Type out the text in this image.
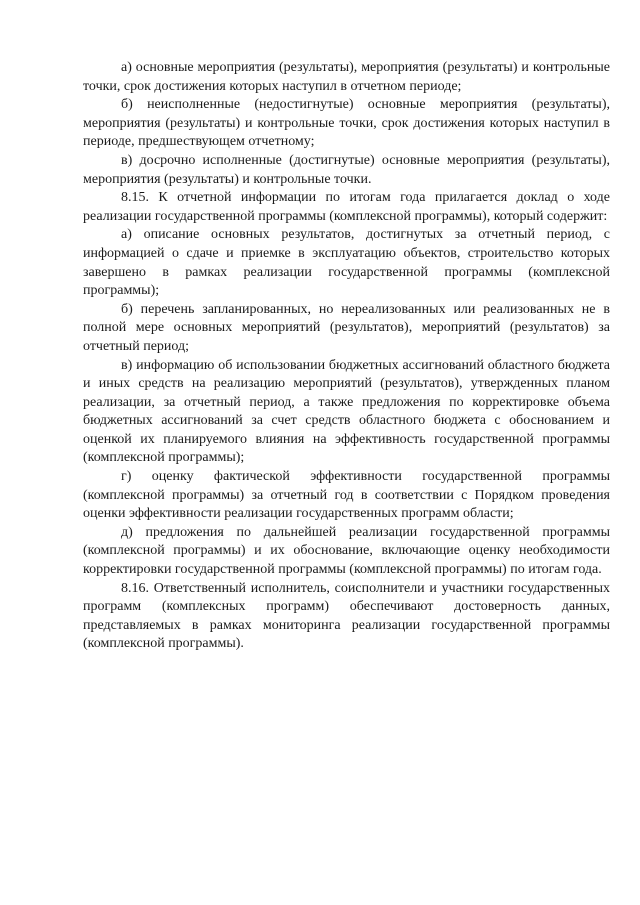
а) основные мероприятия (результаты), мероприятия (результаты) и контрольные точки, срок достижения которых наступил в отчетном периоде;

б) неисполненные (недостигнутые) основные мероприятия (результаты), мероприятия (результаты) и контрольные точки, срок достижения которых наступил в периоде, предшествующем отчетному;

в) досрочно исполненные (достигнутые) основные мероприятия (результаты), мероприятия (результаты) и контрольные точки.

8.15. К отчетной информации по итогам года прилагается доклад о ходе реализации государственной программы (комплексной программы), который содержит:

а) описание основных результатов, достигнутых за отчетный период, с информацией о сдаче и приемке в эксплуатацию объектов, строительство которых завершено в рамках реализации государственной программы (комплексной программы);

б) перечень запланированных, но нереализованных или реализованных не в полной мере основных мероприятий (результатов), мероприятий (результатов) за отчетный период;

в) информацию об использовании бюджетных ассигнований областного бюджета и иных средств на реализацию мероприятий (результатов), утвержденных планом реализации, за отчетный период, а также предложения по корректировке объема бюджетных ассигнований за счет средств областного бюджета с обоснованием и оценкой их планируемого влияния на эффективность государственной программы (комплексной программы);

г) оценку фактической эффективности государственной программы (комплексной программы) за отчетный год в соответствии с Порядком проведения оценки эффективности реализации государственных программ области;

д) предложения по дальнейшей реализации государственной программы (комплексной программы) и их обоснование, включающие оценку необходимости корректировки государственной программы (комплексной программы) по итогам года.

8.16. Ответственный исполнитель, соисполнители и участники государственных программ (комплексных программ) обеспечивают достоверность данных, представляемых в рамках мониторинга реализации государственной программы (комплексной программы).
